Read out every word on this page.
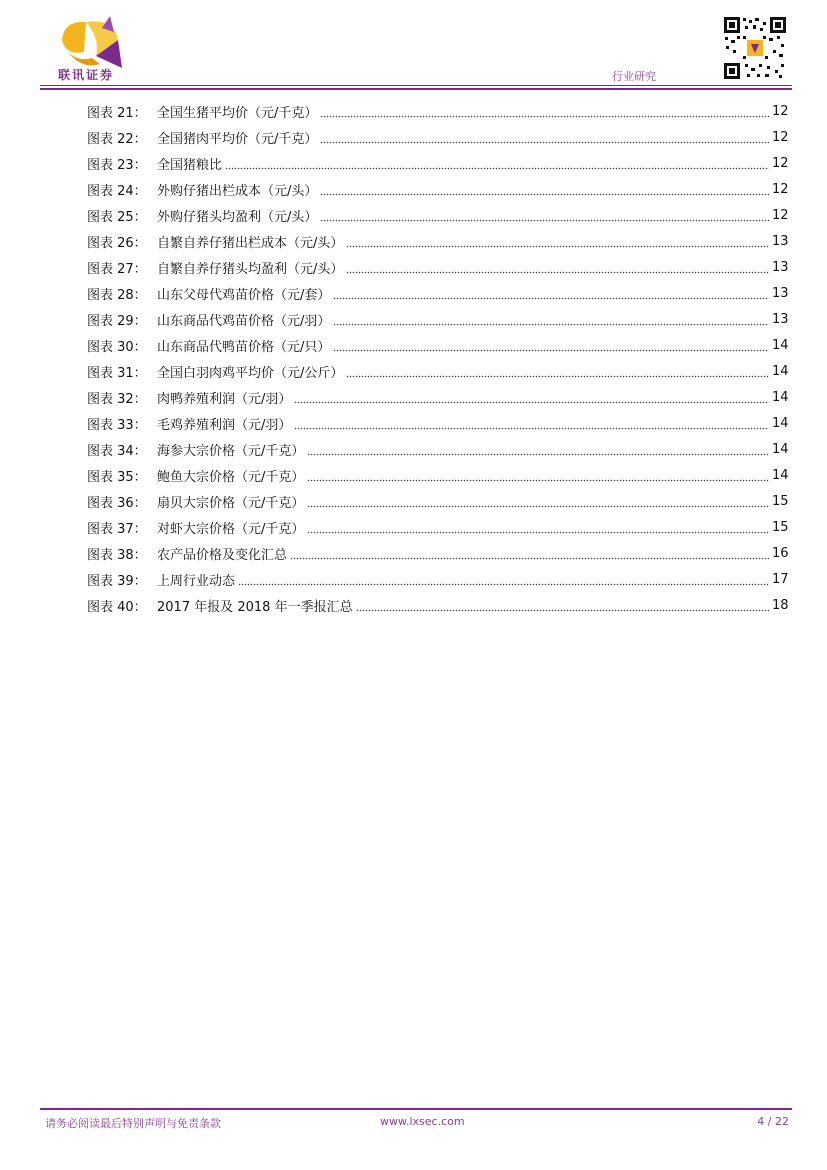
联讯证券	行业研究
图表 21： 全国生猪平均价（元/千克）	12
图表 22： 全国猪肉平均价（元/千克）	12
图表 23： 全国猪粮比	12
图表 24： 外购仔猪出栏成本（元/头）	12
图表 25： 外购仔猪头均盈利（元/头）	12
图表 26： 自繁自养仔猪出栏成本（元/头）	13
图表 27： 自繁自养仔猪头均盈利（元/头）	13
图表 28： 山东父母代鸡苗价格（元/套）	13
图表 29： 山东商品代鸡苗价格（元/羽）	13
图表 30： 山东商品代鸭苗价格（元/只）	14
图表 31： 全国白羽肉鸡平均价（元/公斤）	14
图表 32： 肉鸭养殖利润（元/羽）	14
图表 33： 毛鸡养殖利润（元/羽）	14
图表 34： 海参大宗价格（元/千克）	14
图表 35： 鲍鱼大宗价格（元/千克）	14
图表 36： 扇贝大宗价格（元/千克）	15
图表 37： 对虾大宗价格（元/千克）	15
图表 38： 农产品价格及变化汇总	16
图表 39： 上周行业动态	17
图表 40： 2017 年报及 2018 年一季报汇总	18
请务必阅读最后特别声明与免责条款	www.lxsec.com	4 / 22
